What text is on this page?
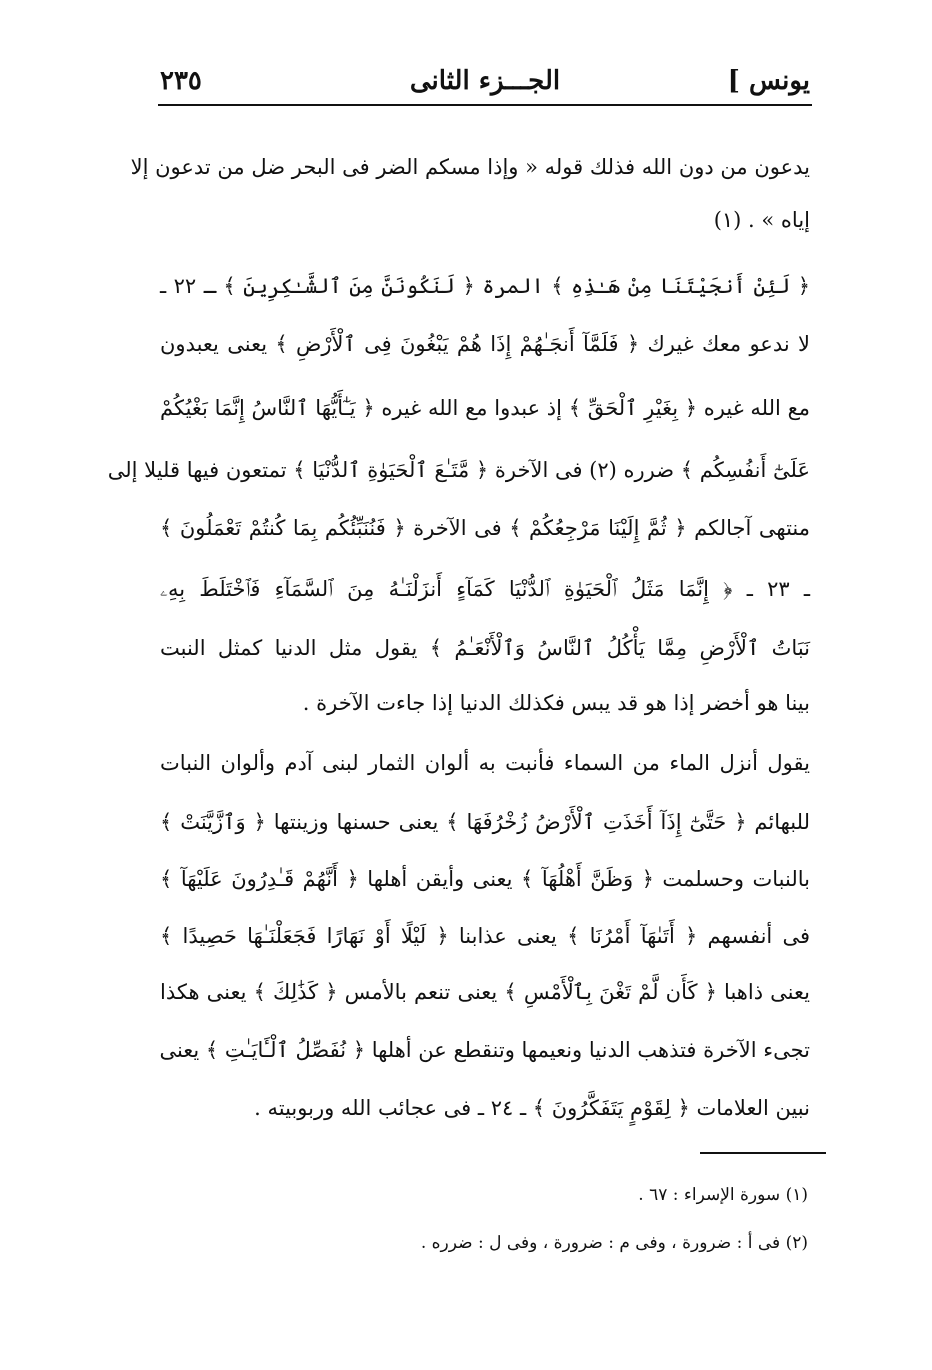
يونس ]
الجـــزء الثانى
٢٣٥
يدعون من دون الله فذلك قوله « وإذا مسكم الضر فى البحر ضل من تدعون إلا
إياه » . (١)
﴿ لَئِنْ أَنجَيْتَنَا مِنْ هَـٰذِهِ ﴾ المرة ﴿ لَنَكُونَنَّ مِنَ ٱلشَّـٰكِرِينَ ﴾ ـ ٢٢ ـ
لا ندعو معك غيرك ﴿ فَلَمَّآ أَنجَـٰهُمْ إِذَا هُمْ يَبْغُونَ فِى ٱلْأَرْضِ ﴾ يعنى يعبدون
مع الله غيره ﴿ بِغَيْرِ ٱلْحَقِّ ﴾ إذ عبدوا مع الله غيره ﴿ يَـٰٓأَيُّهَا ٱلنَّاسُ إِنَّمَا بَغْيُكُمْ
عَلَىٰٓ أَنفُسِكُم ﴾ ضرره (٢) فى الآخرة ﴿ مَّتَـٰعَ ٱلْحَيَوٰةِ ٱلدُّنْيَا ﴾ تمتعون فيها قليلا إلى
منتهى آجالكم ﴿ ثُمَّ إِلَيْنَا مَرْجِعُكُمْ ﴾ فى الآخرة ﴿ فَنُنَبِّئُكُم بِمَا كُنتُمْ تَعْمَلُونَ ﴾
ـ ٢٣ ـ ﴿ إِنَّمَا مَثَلُ ٱلْحَيَوٰةِ ٱلدُّنْيَا كَمَآءٍ أَنزَلْنَـٰهُ مِنَ ٱلسَّمَآءِ فَٱخْتَلَطَ بِهِۦ
نَبَاتُ ٱلْأَرْضِ مِمَّا يَأْكُلُ ٱلنَّاسُ وَٱلْأَنْعَـٰمُ ﴾ يقول مثل الدنيا كمثل النبت
بينا هو أخضر إذا هو قد يبس فكذلك الدنيا إذا جاءت الآخرة .
يقول أنزل الماء من السماء فأنبت به ألوان الثمار لبنى آدم وألوان النبات
للبهائم ﴿ حَتَّىٰٓ إِذَآ أَخَذَتِ ٱلْأَرْضُ زُخْرُفَهَا ﴾ يعنى حسنها وزينتها ﴿ وَٱزَّيَّنَتْ ﴾
بالنبات وحسلمت ﴿ وَظَنَّ أَهْلُهَآ ﴾ يعنى وأيقن أهلها ﴿ أَنَّهُمْ قَـٰدِرُونَ عَلَيْهَآ ﴾
فى أنفسهم ﴿ أَتَىٰهَآ أَمْرُنَا ﴾ يعنى عذابنا ﴿ لَيْلًا أَوْ نَهَارًا فَجَعَلْنَـٰهَا حَصِيدًا ﴾
يعنى ذاهبا ﴿ كَأَن لَّمْ تَغْنَ بِٱلْأَمْسِ ﴾ يعنى تنعم بالأمس ﴿ كَذَٰلِكَ ﴾ يعنى هكذا
تجىء الآخرة فتذهب الدنيا ونعيمها وتنقطع عن أهلها ﴿ نُفَصِّلُ ٱلْـَٔايَـٰتِ ﴾ يعنى
نبين العلامات ﴿ لِقَوْمٍ يَتَفَكَّرُونَ ﴾ ـ ٢٤ ـ فى عجائب الله وربوبيته .
(١) سورة الإسراء : ٦٧ .
(٢) فى أ : ضرورة ، وفى م : ضرورة ، وفى ل : ضرره .
